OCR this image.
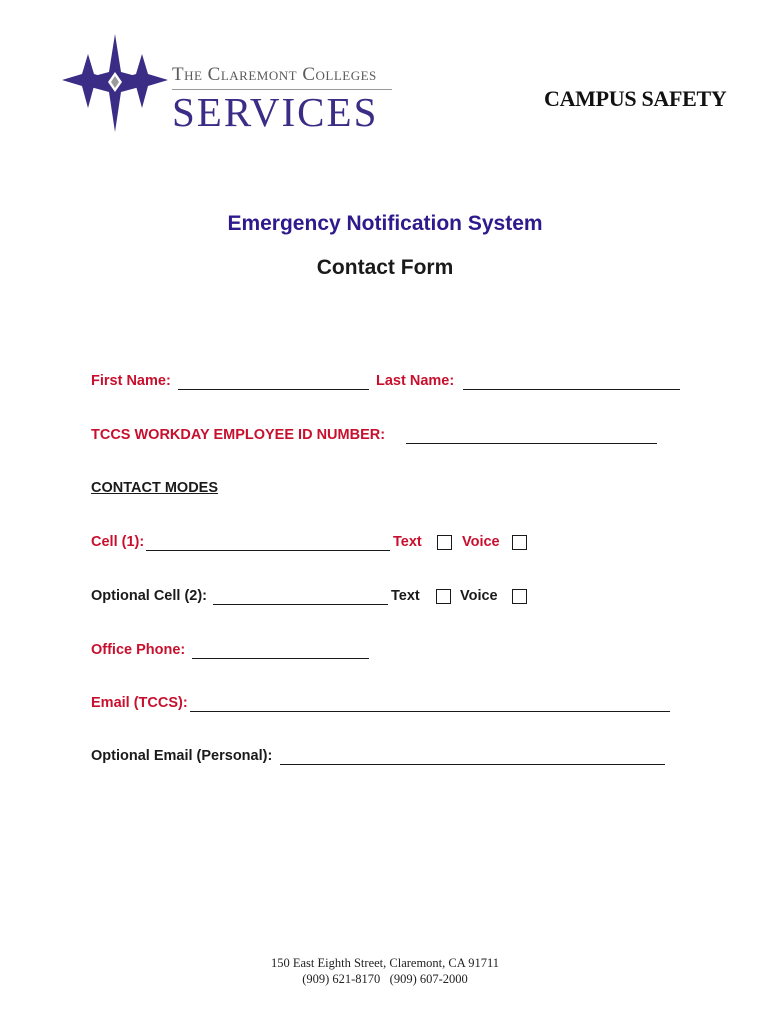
The Claremont Colleges
SERVICES	CAMPUS SAFETY
Emergency Notification System
Contact Form
First Name:	Last Name:
TCCS WORKDAY EMPLOYEE ID NUMBER:
CONTACT MODES
Cell (1):	Text	Voice
Optional Cell (2):	Text	Voice
Office Phone:
Email (TCCS):
Optional Email (Personal):
150 East Eighth Street, Claremont, CA 91711
(909) 621-8170   (909) 607-2000
